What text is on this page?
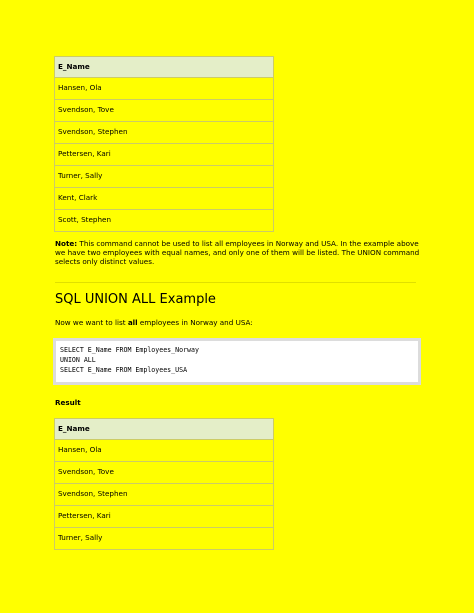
E_Name
Hansen, Ola
Svendson, Tove
Svendson, Stephen
Pettersen, Kari
Turner, Sally
Kent, Clark
Scott, Stephen
Note: This command cannot be used to list all employees in Norway and USA. In the example above we have two employees with equal names, and only one of them will be listed. The UNION command selects only distinct values.
SQL UNION ALL Example
Now we want to list all employees in Norway and USA:
SELECT E_Name FROM Employees_Norway
UNION ALL
SELECT E_Name FROM Employees_USA
Result
E_Name
Hansen, Ola
Svendson, Tove
Svendson, Stephen
Pettersen, Kari
Turner, Sally
